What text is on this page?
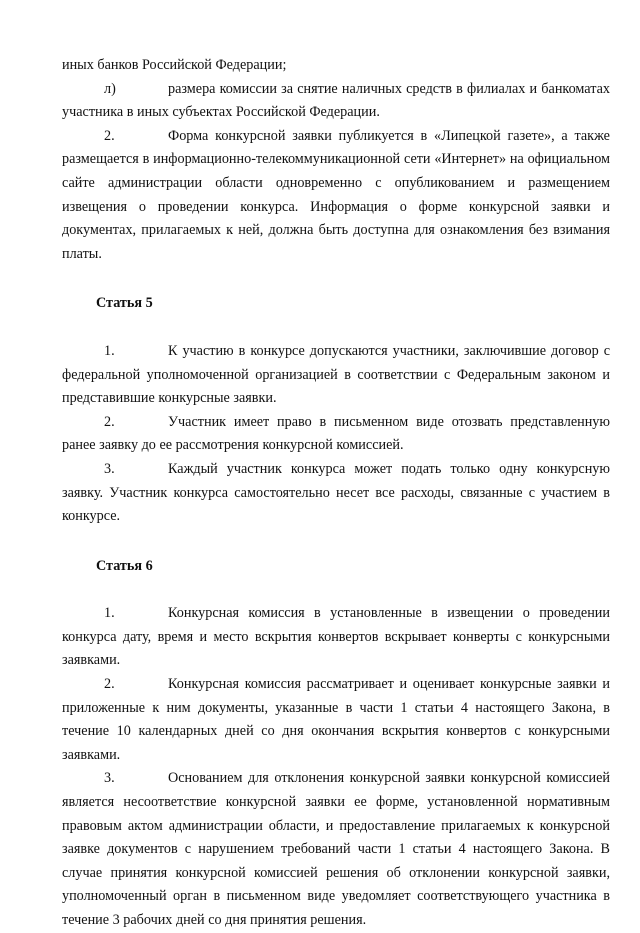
иных банков Российской Федерации;

л)	размера комиссии за снятие наличных средств в филиалах и банкоматах участника в иных субъектах Российской Федерации.

2.	Форма конкурсной заявки публикуется в «Липецкой газете», а также размещается в информационно-телекоммуникационной сети «Интернет» на официальном сайте администрации области одновременно с опубликованием и размещением извещения о проведении конкурса. Информация о форме конкурсной заявки и документах, прилагаемых к ней, должна быть доступна для ознакомления без взимания платы.

Статья 5

1.	К участию в конкурсе допускаются участники, заключившие договор с федеральной уполномоченной организацией в соответствии с Федеральным законом и представившие конкурсные заявки.

2.	Участник имеет право в письменном виде отозвать представленную ранее заявку до ее рассмотрения конкурсной комиссией.

3.	Каждый участник конкурса может подать только одну конкурсную заявку. Участник конкурса самостоятельно несет все расходы, связанные с участием в конкурсе.

Статья 6

1.	Конкурсная комиссия в установленные в извещении о проведении конкурса дату, время и место вскрытия конвертов вскрывает конверты с конкурсными заявками.

2.	Конкурсная комиссия рассматривает и оценивает конкурсные заявки и приложенные к ним документы, указанные в части 1 статьи 4 настоящего Закона, в течение 10 календарных дней со дня окончания вскрытия конвертов с конкурсными заявками.

3.	Основанием для отклонения конкурсной заявки конкурсной комиссией является несоответствие конкурсной заявки ее форме, установленной нормативным правовым актом администрации области, и предоставление прилагаемых к конкурсной заявке документов с нарушением требований части 1 статьи 4 настоящего Закона. В случае принятия конкурсной комиссией решения об отклонении конкурсной заявки, уполномоченный орган в письменном виде уведомляет соответствующего участника в течение 3 рабочих дней со дня принятия решения.
